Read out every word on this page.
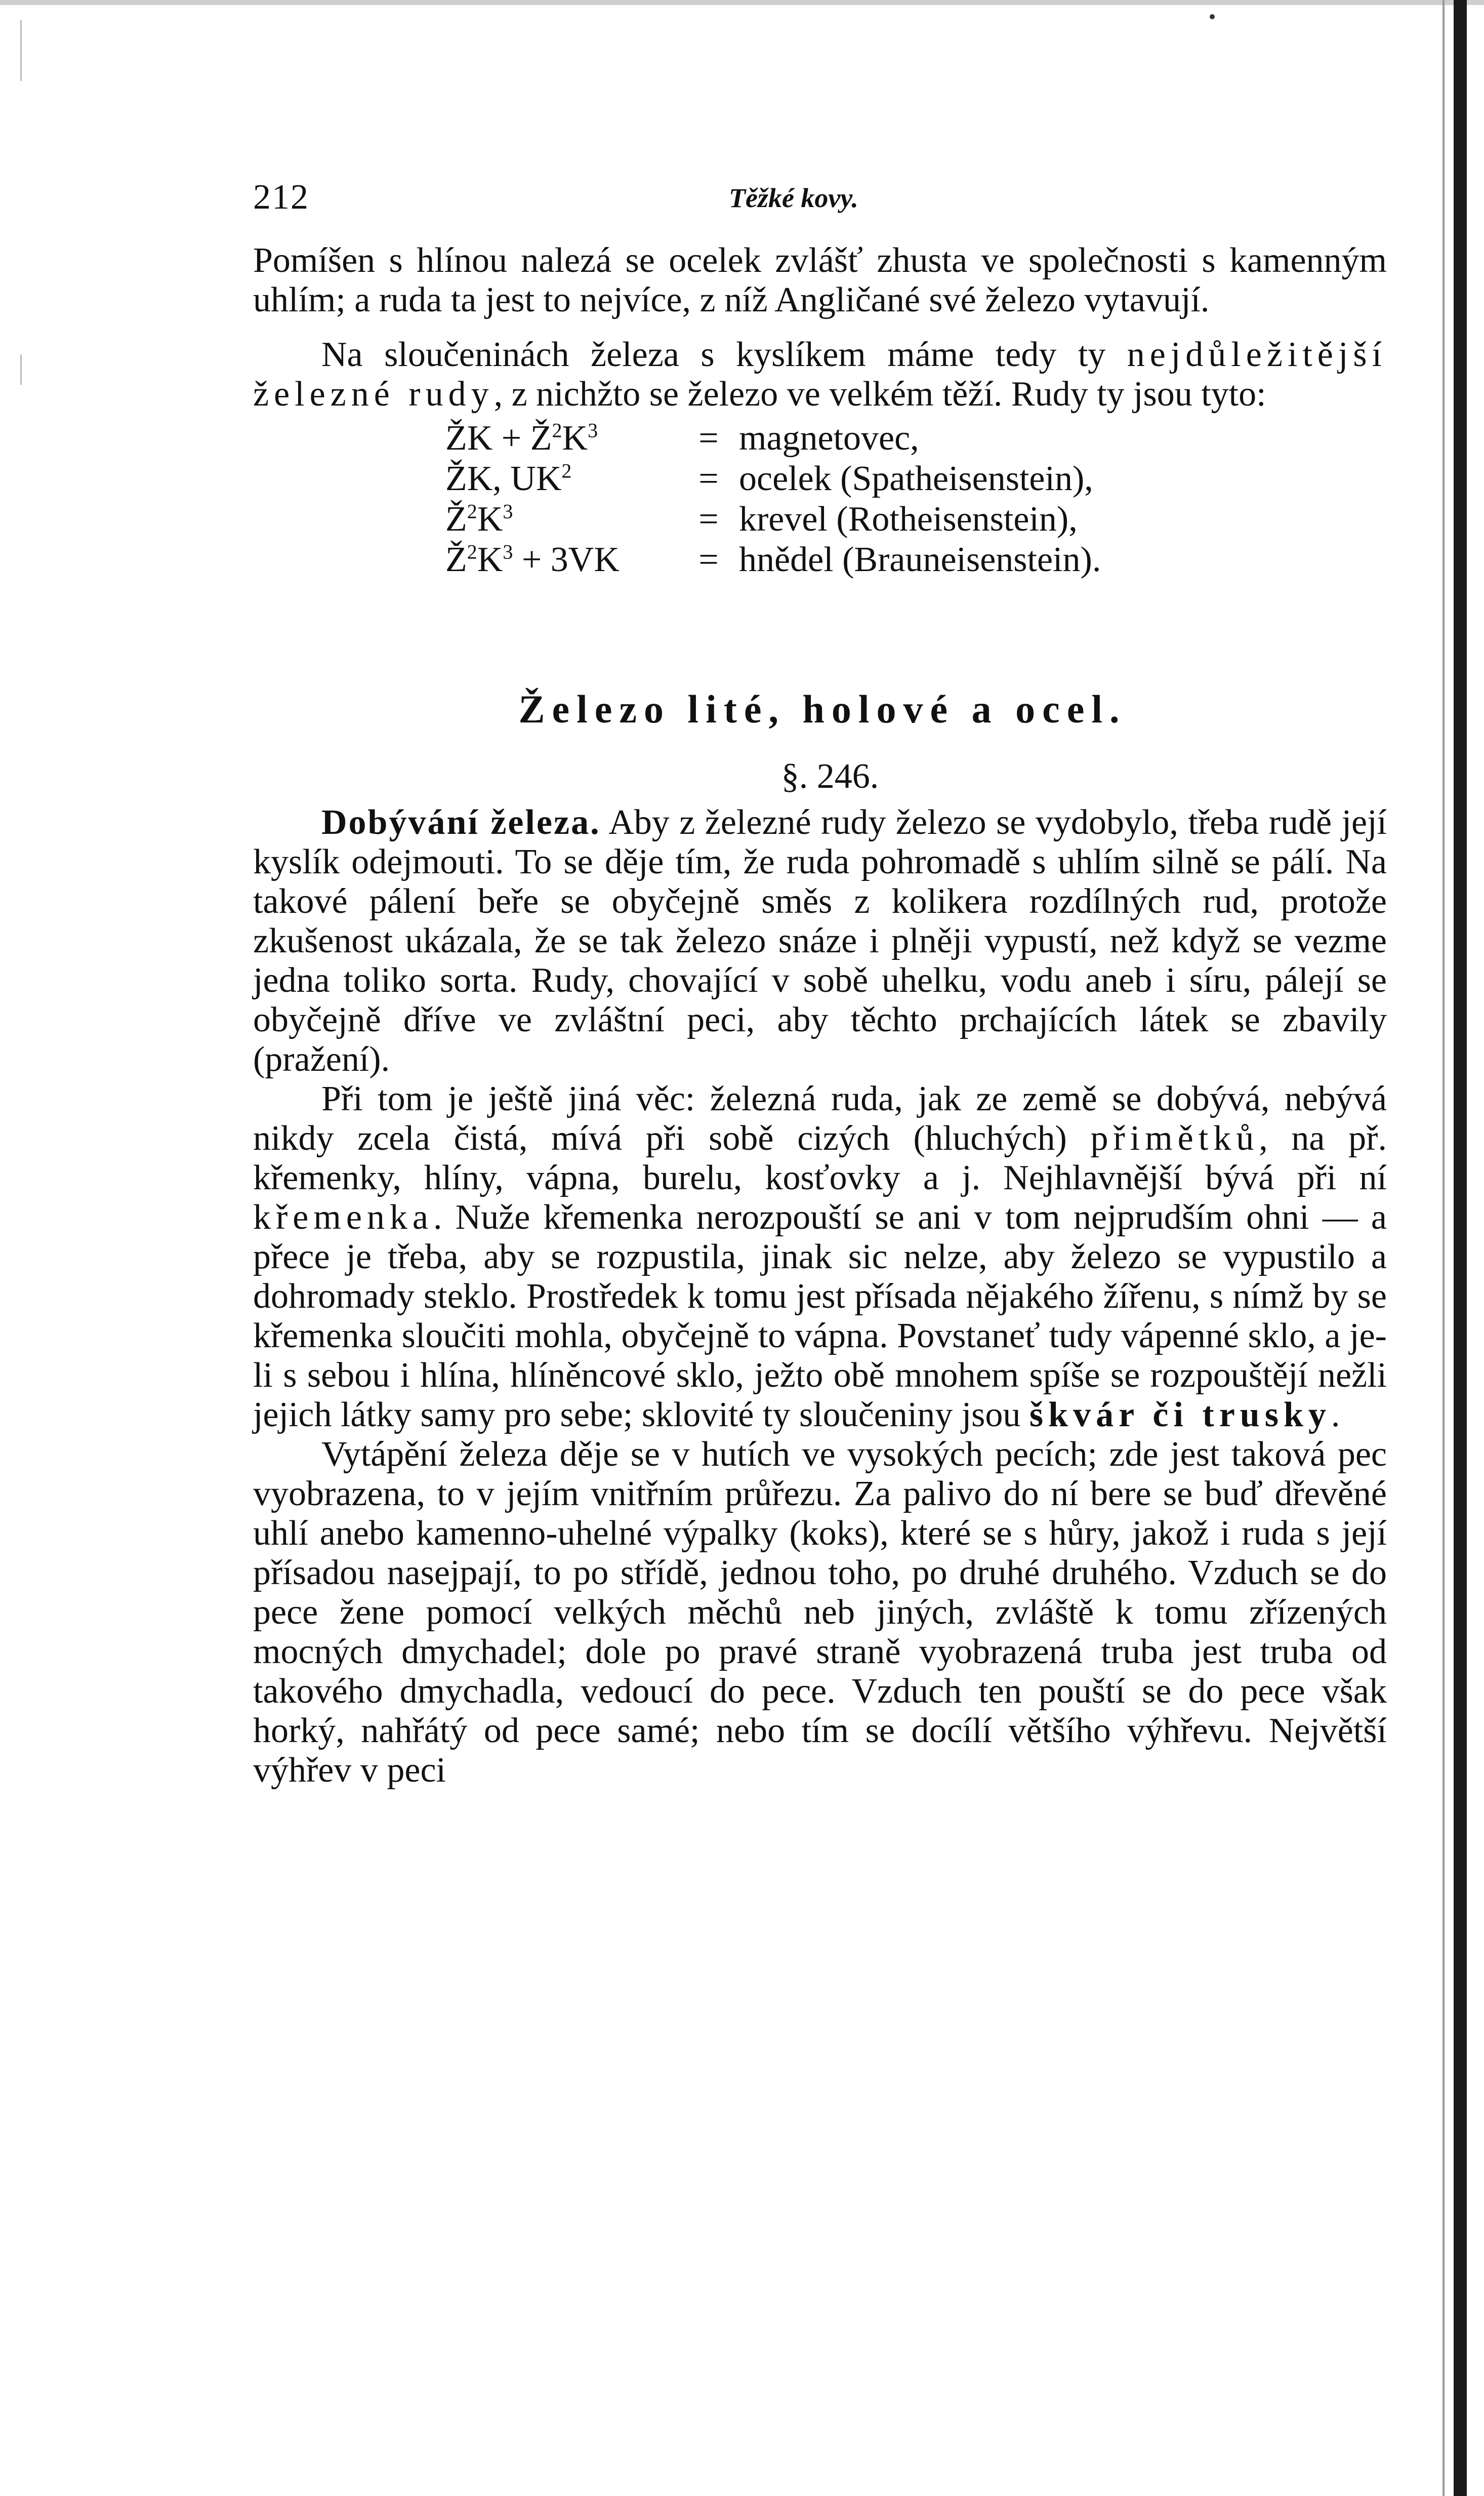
212	Těžké kovy.

Pomíšen s hlínou nalezá se ocelek zvlášť zhusta ve společnosti s kamenným uhlím; a ruda ta jest to nejvíce, z níž Angličané své železo vytavují.

Na sloučeninách železa s kyslíkem máme tedy ty nejdůležitější železné rudy, z nichžto se železo ve velkém těží. Rudy ty jsou tyto:

ŽK + $Ž^2K^3$	= magnetovec,
ŽK, $UK^2$	= ocelek (Spatheisenstein),
$Ž^2K^3$	= krevel (Rotheisenstein),
$Ž^2K^3 + 3VK$	= hnědel (Brauneisenstein).
Železo lité, holové a ocel.
§. 246.

Dobývání železa. Aby z železné rudy železo se vydobylo, třeba rudě její kyslík odejmouti. To se děje tím, že ruda pohromadě s uhlím silně se pálí. Na takové pálení beře se obyčejně směs z kolikera rozdílných rud, protože zkušenost ukázala, že se tak železo snáze i plněji vypustí, než když se vezme jedna toliko sorta. Rudy, chovající v sobě uhelku, vodu aneb i síru, pálejí se obyčejně dříve ve zvláštní peci, aby těchto prchajících látek se zbavily (pražení).

Při tom je ještě jiná věc: železná ruda, jak ze země se dobývá, nebývá nikdy zcela čistá, mívá při sobě cizých (hluchých) přimětků, na př. křemenky, hlíny, vápna, burelu, kosťovky a j. Nejhlavnější bývá při ní křemenka. Nuže křemenka nerozpouští se ani v tom nejprudším ohni — a přece je třeba, aby se rozpustila, jinak sic nelze, aby železo se vypustilo a dohromady steklo. Prostředek k tomu jest přísada nějakého žířenu, s nímž by se křemenka sloučiti mohla, obyčejně to vápna. Povstaneť tudy vápenné sklo, a je-li s sebou i hlína, hlíněncové sklo, ježto obě mnohem spíše se rozpouštějí nežli jejich látky samy pro sebe; sklovité ty sloučeniny jsou škvár či trusky.

Vytápění železa děje se v hutích ve vysokých pecích; zde jest taková pec vyobrazena, to v jejím vnitřním průřezu. Za palivo do ní bere se buď dřevěné uhlí anebo kamenno-uhelné výpalky (koks), které se s hůry, jakož i ruda s její přísadou nasejpají, to po střídě, jednou toho, po druhé druhého. Vzduch se do pece žene pomocí velkých měchů neb jiných, zvláště k tomu zřízených mocných dmychadel; dole po pravé straně vyobrazená truba jest truba od takového dmychadla, vedoucí do pece. Vzduch ten pouští se do pece však horký, nahřátý od pece samé; nebo tím se docílí většího výhřevu. Největší výhřev v peci
